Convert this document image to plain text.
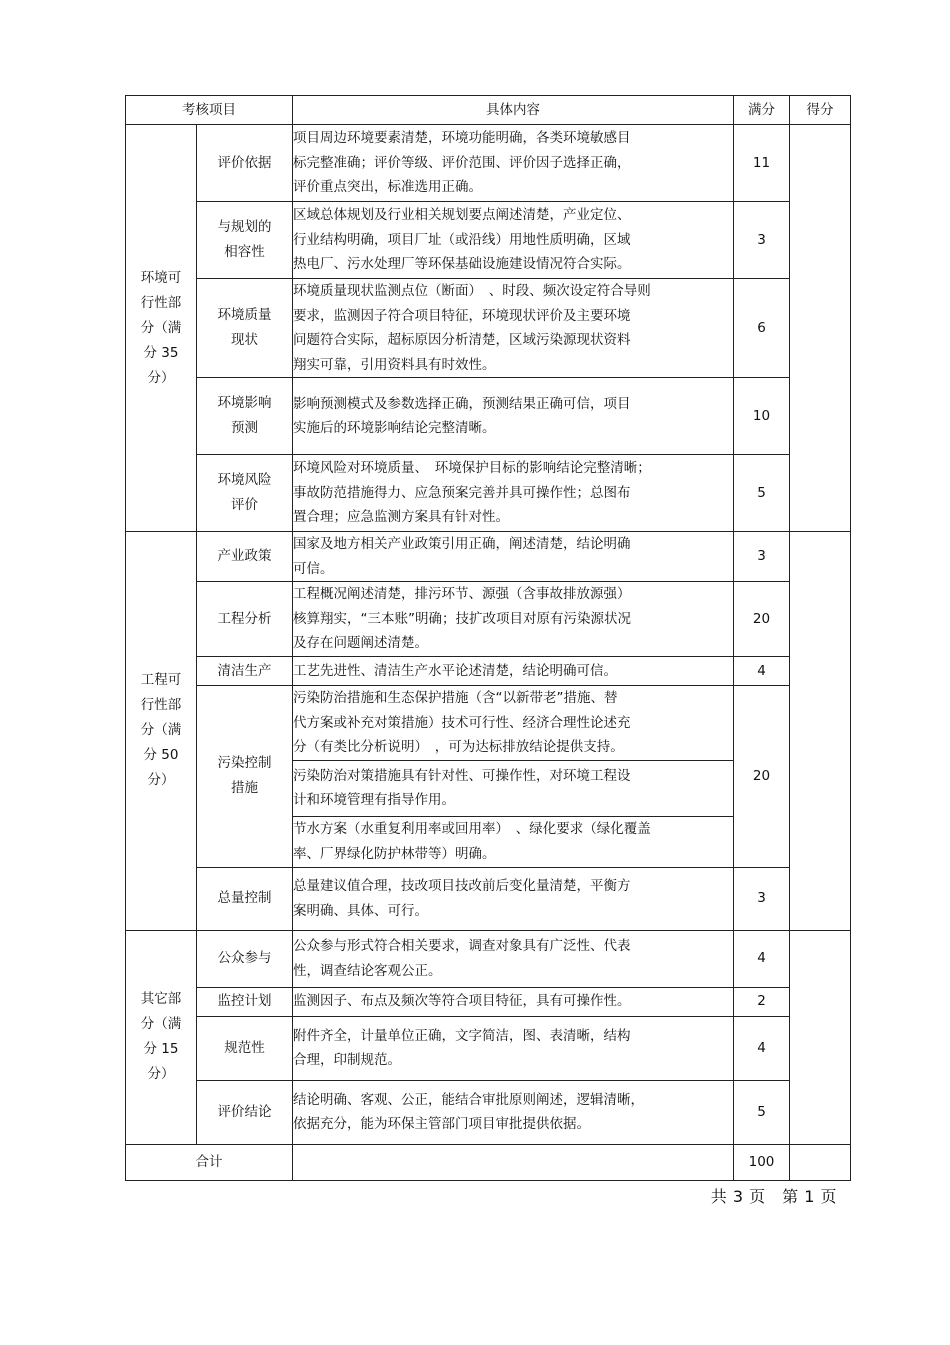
考核项目		具体内容	满分	得分
环境可
行性部
分（满
分 35
分）	评价依据	项目周边环境要素清楚，环境功能明确，各类环境敏感目
标完整准确；评价等级、评价范围、评价因子选择正确，
评价重点突出，标准选用正确。	11	
	与规划的
相容性	区域总体规划及行业相关规划要点阐述清楚，产业定位、
行业结构明确，项目厂址（或沿线）用地性质明确，区域
热电厂、污水处理厂等环保基础设施建设情况符合实际。	3	
	环境质量
现状	环境质量现状监测点位（断面）　、时段、频次设定符合导则
要求，监测因子符合项目特征，环境现状评价及主要环境
问题符合实际，超标原因分析清楚，区域污染源现状资料
翔实可靠，引用资料具有时效性。	6	
	环境影响
预测	影响预测模式及参数选择正确，预测结果正确可信，项目
实施后的环境影响结论完整清晰。	10	
	环境风险
评价	环境风险对环境质量、　环境保护目标的影响结论完整清晰；
事故防范措施得力、应急预案完善并具可操作性；总图布
置合理；应急监测方案具有针对性。	5	
工程可
行性部
分（满
分 50
分）	产业政策	国家及地方相关产业政策引用正确，阐述清楚，结论明确
可信。	3	
	工程分析	工程概况阐述清楚，排污环节、源强（含事故排放源强）
核算翔实，“三本账”明确；技扩改项目对原有污染源状况
及存在问题阐述清楚。	20	
	清洁生产	工艺先进性、清洁生产水平论述清楚，结论明确可信。	4	
	污染控制
措施	污染防治措施和生态保护措施（含“以新带老”措施、替
代方案或补充对策措施）技术可行性、经济合理性论述充
分（有类比分析说明）　，可为达标排放结论提供支持。	20	

		污染防治对策措施具有针对性、可操作性，对环境工程设
计和环境管理有指导作用。		

		节水方案（水重复利用率或回用率）　、绿化要求（绿化覆盖
率、厂界绿化防护林带等）明确。		

	总量控制	总量建议值合理，技改项目技改前后变化量清楚，平衡方
案明确、具体、可行。	3	
其它部
分（满
分 15
分）	公众参与	公众参与形式符合相关要求，调查对象具有广泛性、代表
性，调查结论客观公正。	4	
	监控计划	监测因子、布点及频次等符合项目特征，具有可操作性。	2	
	规范性	附件齐全，计量单位正确，文字简洁，图、表清晰，结构
合理，印制规范。	4	
	评价结论	结论明确、客观、公正，能结合审批原则阐述，逻辑清晰，
依据充分，能为环保主管部门项目审批提供依据。	5	
合计			100	
共 3 页　 第 1 页
